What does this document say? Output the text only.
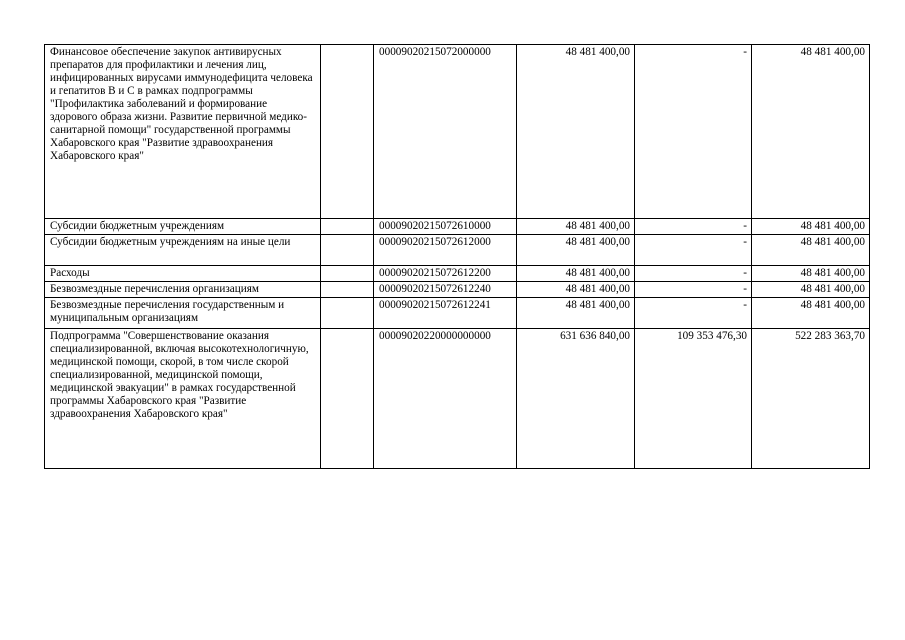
Финансовое обеспечение закупок антивирусных препаратов для профилактики и лечения лиц, инфицированных вирусами иммунодефицита человека и гепатитов В и С в рамках подпрограммы "Профилактика заболеваний и формирование здорового образа жизни. Развитие первичной медико-санитарной помощи" государственной программы Хабаровского края "Развитие здравоохранения Хабаровского края"		00009020215072000000	48 481 400,00	-	48 481 400,00
Субсидии бюджетным учреждениям		00009020215072610000	48 481 400,00	-	48 481 400,00
Субсидии бюджетным учреждениям на иные цели		00009020215072612000	48 481 400,00	-	48 481 400,00
Расходы		00009020215072612200	48 481 400,00	-	48 481 400,00
Безвозмездные перечисления организациям		00009020215072612240	48 481 400,00	-	48 481 400,00
Безвозмездные перечисления государственным и муниципальным организациям		00009020215072612241	48 481 400,00	-	48 481 400,00
Подпрограмма "Совершенствование оказания специализированной, включая высокотехнологичную, медицинской помощи, скорой, в том числе скорой специализированной, медицинской помощи, медицинской эвакуации" в рамках государственной программы Хабаровского края "Развитие здравоохранения Хабаровского края"		00009020220000000000	631 636 840,00	109 353 476,30	522 283 363,70
